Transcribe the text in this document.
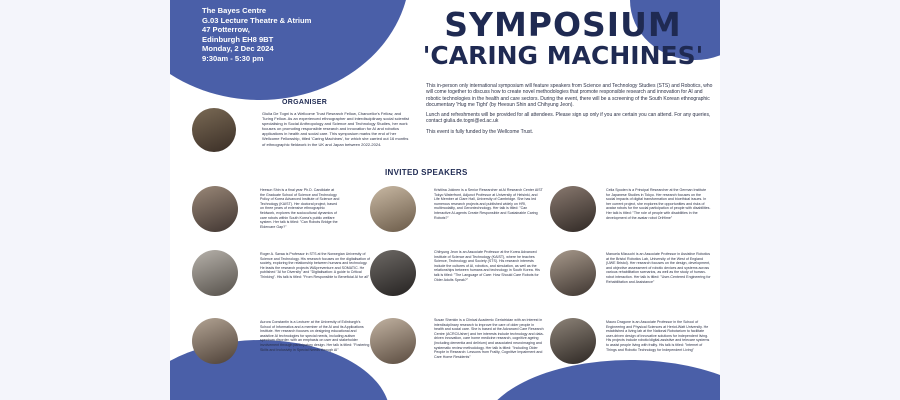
The Bayes Centre
G.03 Lecture Theatre & Atrium
47 Potterrow,
Edinburgh EH8 9BT
Monday, 2 Dec 2024
9:30am - 5:30 pm
SYMPOSIUM
'CARING MACHINES'

This in-person only international symposium will feature speakers from Science and Technology Studies (STS) and Robotics, who will come together to discuss how to create novel methodologies that promote responsible research and innovation for AI and robotic technologies in the health and care sectors. During the event, there will be a screening of the South Korean ethnographic documentary 'Hug me Tight' (by Heesun Shin and Chihyung Jeon).

Lunch and refreshments will be provided for all attendees. Please sign up only if you are certain you can attend. For any queries, contact giulia.de.togni@ed.ac.uk

This event is fully funded by the Wellcome Trust.

ORGANISER
Giulia De Togni is a Wellcome Trust Research Fellow, Chancellor's Fellow, and Turing Fellow. As an experienced ethnographer and interdisciplinary social scientist specialising in Social Anthropology and Science and Technology Studies, her work focuses on promoting responsible research and innovation for AI and robotics applications in health and social care. This symposium marks the end of her Wellcome Fellowship, titled 'Caring Machines', for which she carried out 16 months of ethnographic fieldwork in the UK and Japan between 2022-2024.
INVITED SPEAKERS
Heesun Shin is a final year Ph.D. Candidate at the Graduate School of Science and Technology Policy of Korea Advanced Institute of Science and Technology (KAIST). Her doctoral project, based on three years of extensive ethnographic fieldwork, explores the sociocultural dynamics of care robots within South Korea's public welfare system. Her talk is titled: "Can Robots Bridge the Eldercare Gap?"
Kristiina Jokinen is a Senior Researcher at AI Research Center AIST Tokyo Waterfront, Adjunct Professor at University of Helsinki, and Life Member at Clare Hall, University of Cambridge. She has led numerous research projects and published widely on HRI, multimodality, and Gerontechnology. Her talk is titled: "Can Interactive AI-agents Create Responsible and Sustainable Caring Robots?"
Celia Spoden is a Principal Researcher at the German Institute for Japanese Studies in Tokyo. Her research focuses on the social impacts of digital transformation and bioethical issues. In her current project, she explores the opportunities and risks of avatar robots for the social participation of people with disabilities. Her talk is titled: "The role of people with disabilities in the development of the avatar robot OriHime"
Roger A. Søraa is Professor in STS at the Norwegian University of Science and Technology. His research focuses on the digitalisation of society, exploring the relationship between humans and technology. He leads the research projects WAIpreventure and SOMATIC. He published "AI for Diversity" and "Digitalisation: A guide to Critical Thinking". His talk is titled: "From Responsible to Beneficial AI for all"
Chihyung Jeon is an Associate Professor at the Korea Advanced Institute of Science and Technology (KAIST), where he teaches Science, Technology and Society (STS). His research interests include the cultures of AI, robotics, and simulation, as well as the relationships between humans and technology in South Korea. His talk is titled: "The Language of Care: How Should Care Robots for Older Adults Speak?"
Manuela Mizuuchi is an Associate Professor in Assistive Robotics at the Bristol Robotics Lab, University of the West of England (UWE Bristol). Her research focuses on the design, development, and objective assessment of robotic devices and systems across various rehabilitation scenarios, as well as the study of human-robot interaction. Her talk is titled: "User-Centered Engineering for Rehabilitation and Assistance"
Aurora Constantin is a Lecturer at the University of Edinburgh's School of Informatics and a member of the AI and its Applications Institute. Her research focuses on designing educational and assistive AI technologies for special needs, including autism spectrum disorder, with an emphasis on user and stakeholder involvement through participatory design. Her talk is titled: "Fostering Skills and Inclusivity in Special Needs through AI"
Susan Shenkin is a Clinical Academic Geriatrician with an interest in interdisciplinary research to improve the care of older people in health and social care. She is based at the Advanced Care Research Centre (ACRC/Usher) and her interests include technology and data-driven innovation, care home medicine research, cognitive ageing (including dementia and delirium) and associated neuroimaging and systematic review methodology. Her talk is titled: "Including Older People in Research: Lessons from Frailty, Cognitive Impairment and Care Home Residents"
Mauro Dragone is an Associate Professor in the School of Engineering and Physical Sciences at Heriot-Watt University. He established a living lab at the National Robotarium to facilitate user-driven design of innovative solutions for independent living. His projects include robotic/digital-assistive and telecare systems to assist people living with frailty. His talk is titled: "Internet of Things and Robotic Technology for Independent Living"
